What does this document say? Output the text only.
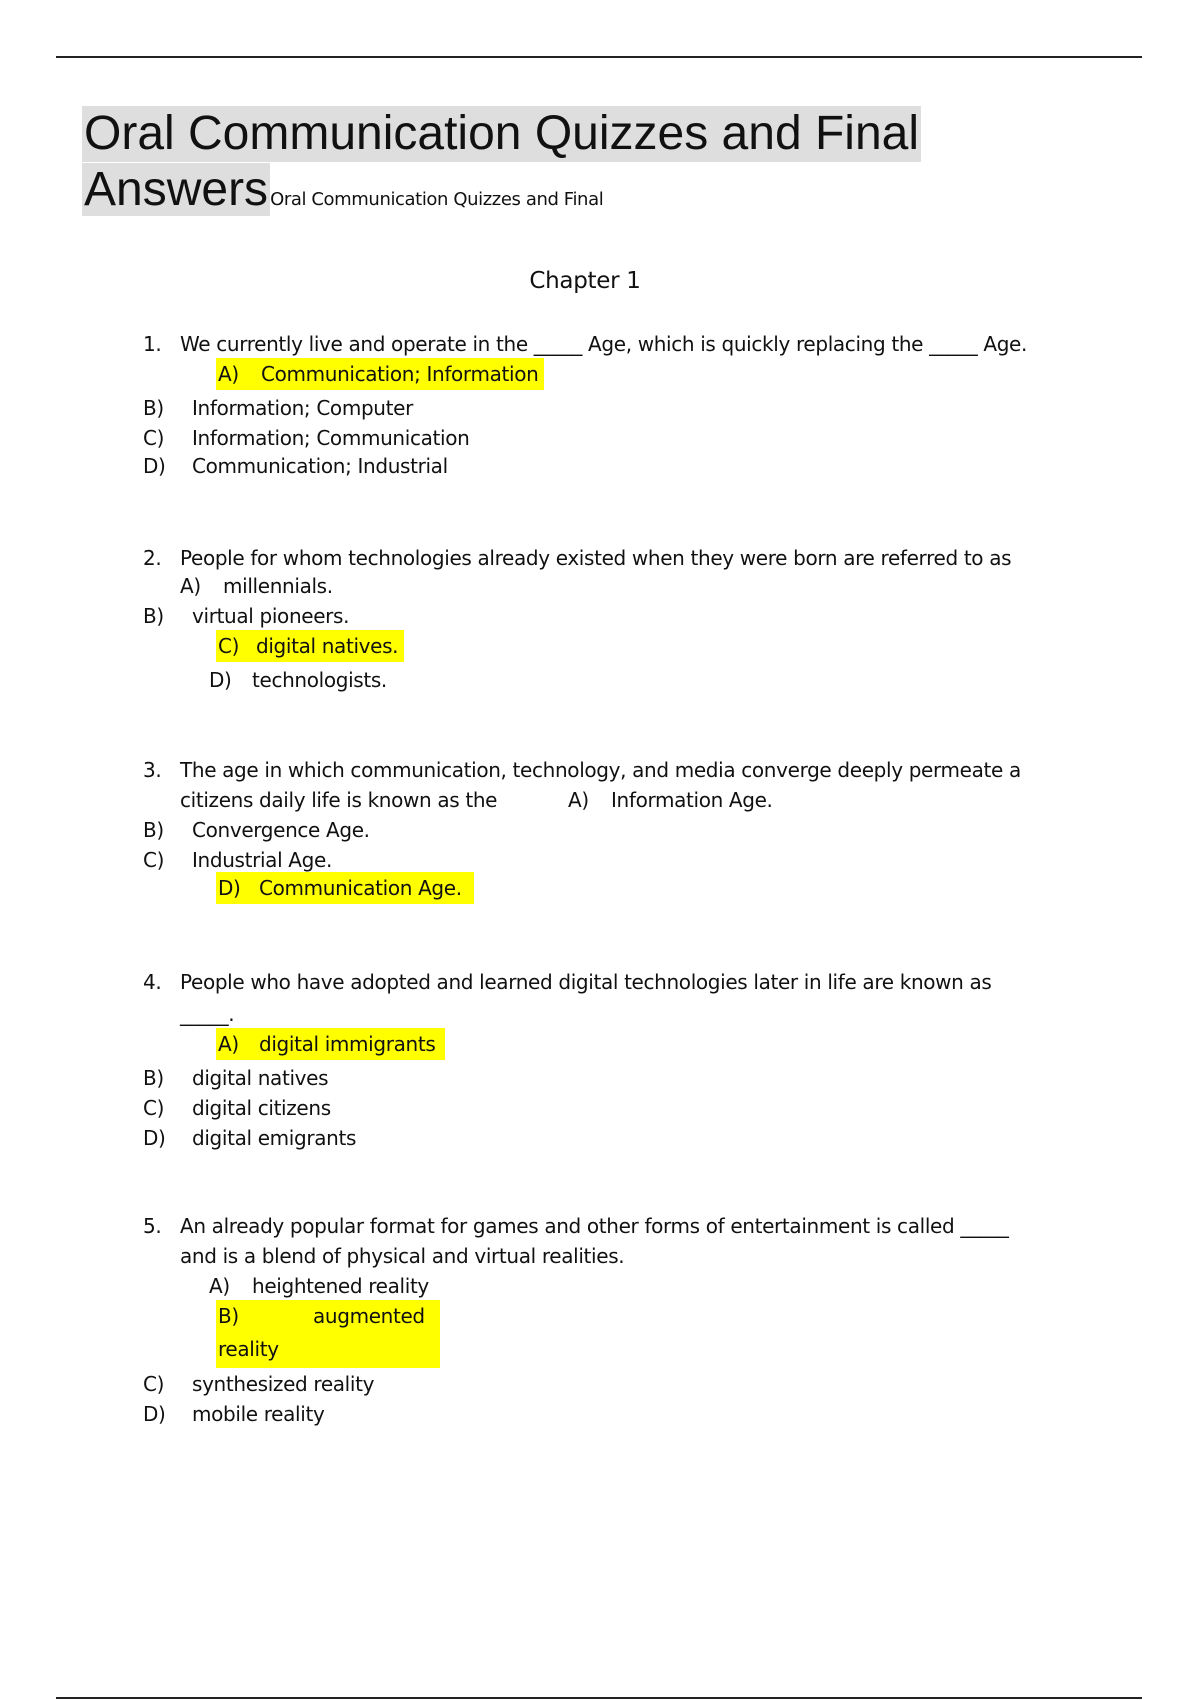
Oral Communication Quizzes and Final
Answers Oral Communication Quizzes and Final
Chapter 1
1. We currently live and operate in the _____ Age, which is quickly replacing the _____ Age.
A) Communication; Information
B) Information; Computer
C) Information; Communication
D) Communication; Industrial
2. People for whom technologies already existed when they were born are referred to as
A) millennials.
B) virtual pioneers.
C) digital natives.
D) technologists.
3. The age in which communication, technology, and media converge deeply permeate a
citizens daily life is known as the	A) Information Age.
B) Convergence Age.
C) Industrial Age.
D) Communication Age.
4. People who have adopted and learned digital technologies later in life are known as
_____.
A) digital immigrants
B) digital natives
C) digital citizens
D) digital emigrants
5. An already popular format for games and other forms of entertainment is called _____
and is a blend of physical and virtual realities.
A) heightened reality
B)	augmented
reality
C) synthesized reality
D) mobile reality
